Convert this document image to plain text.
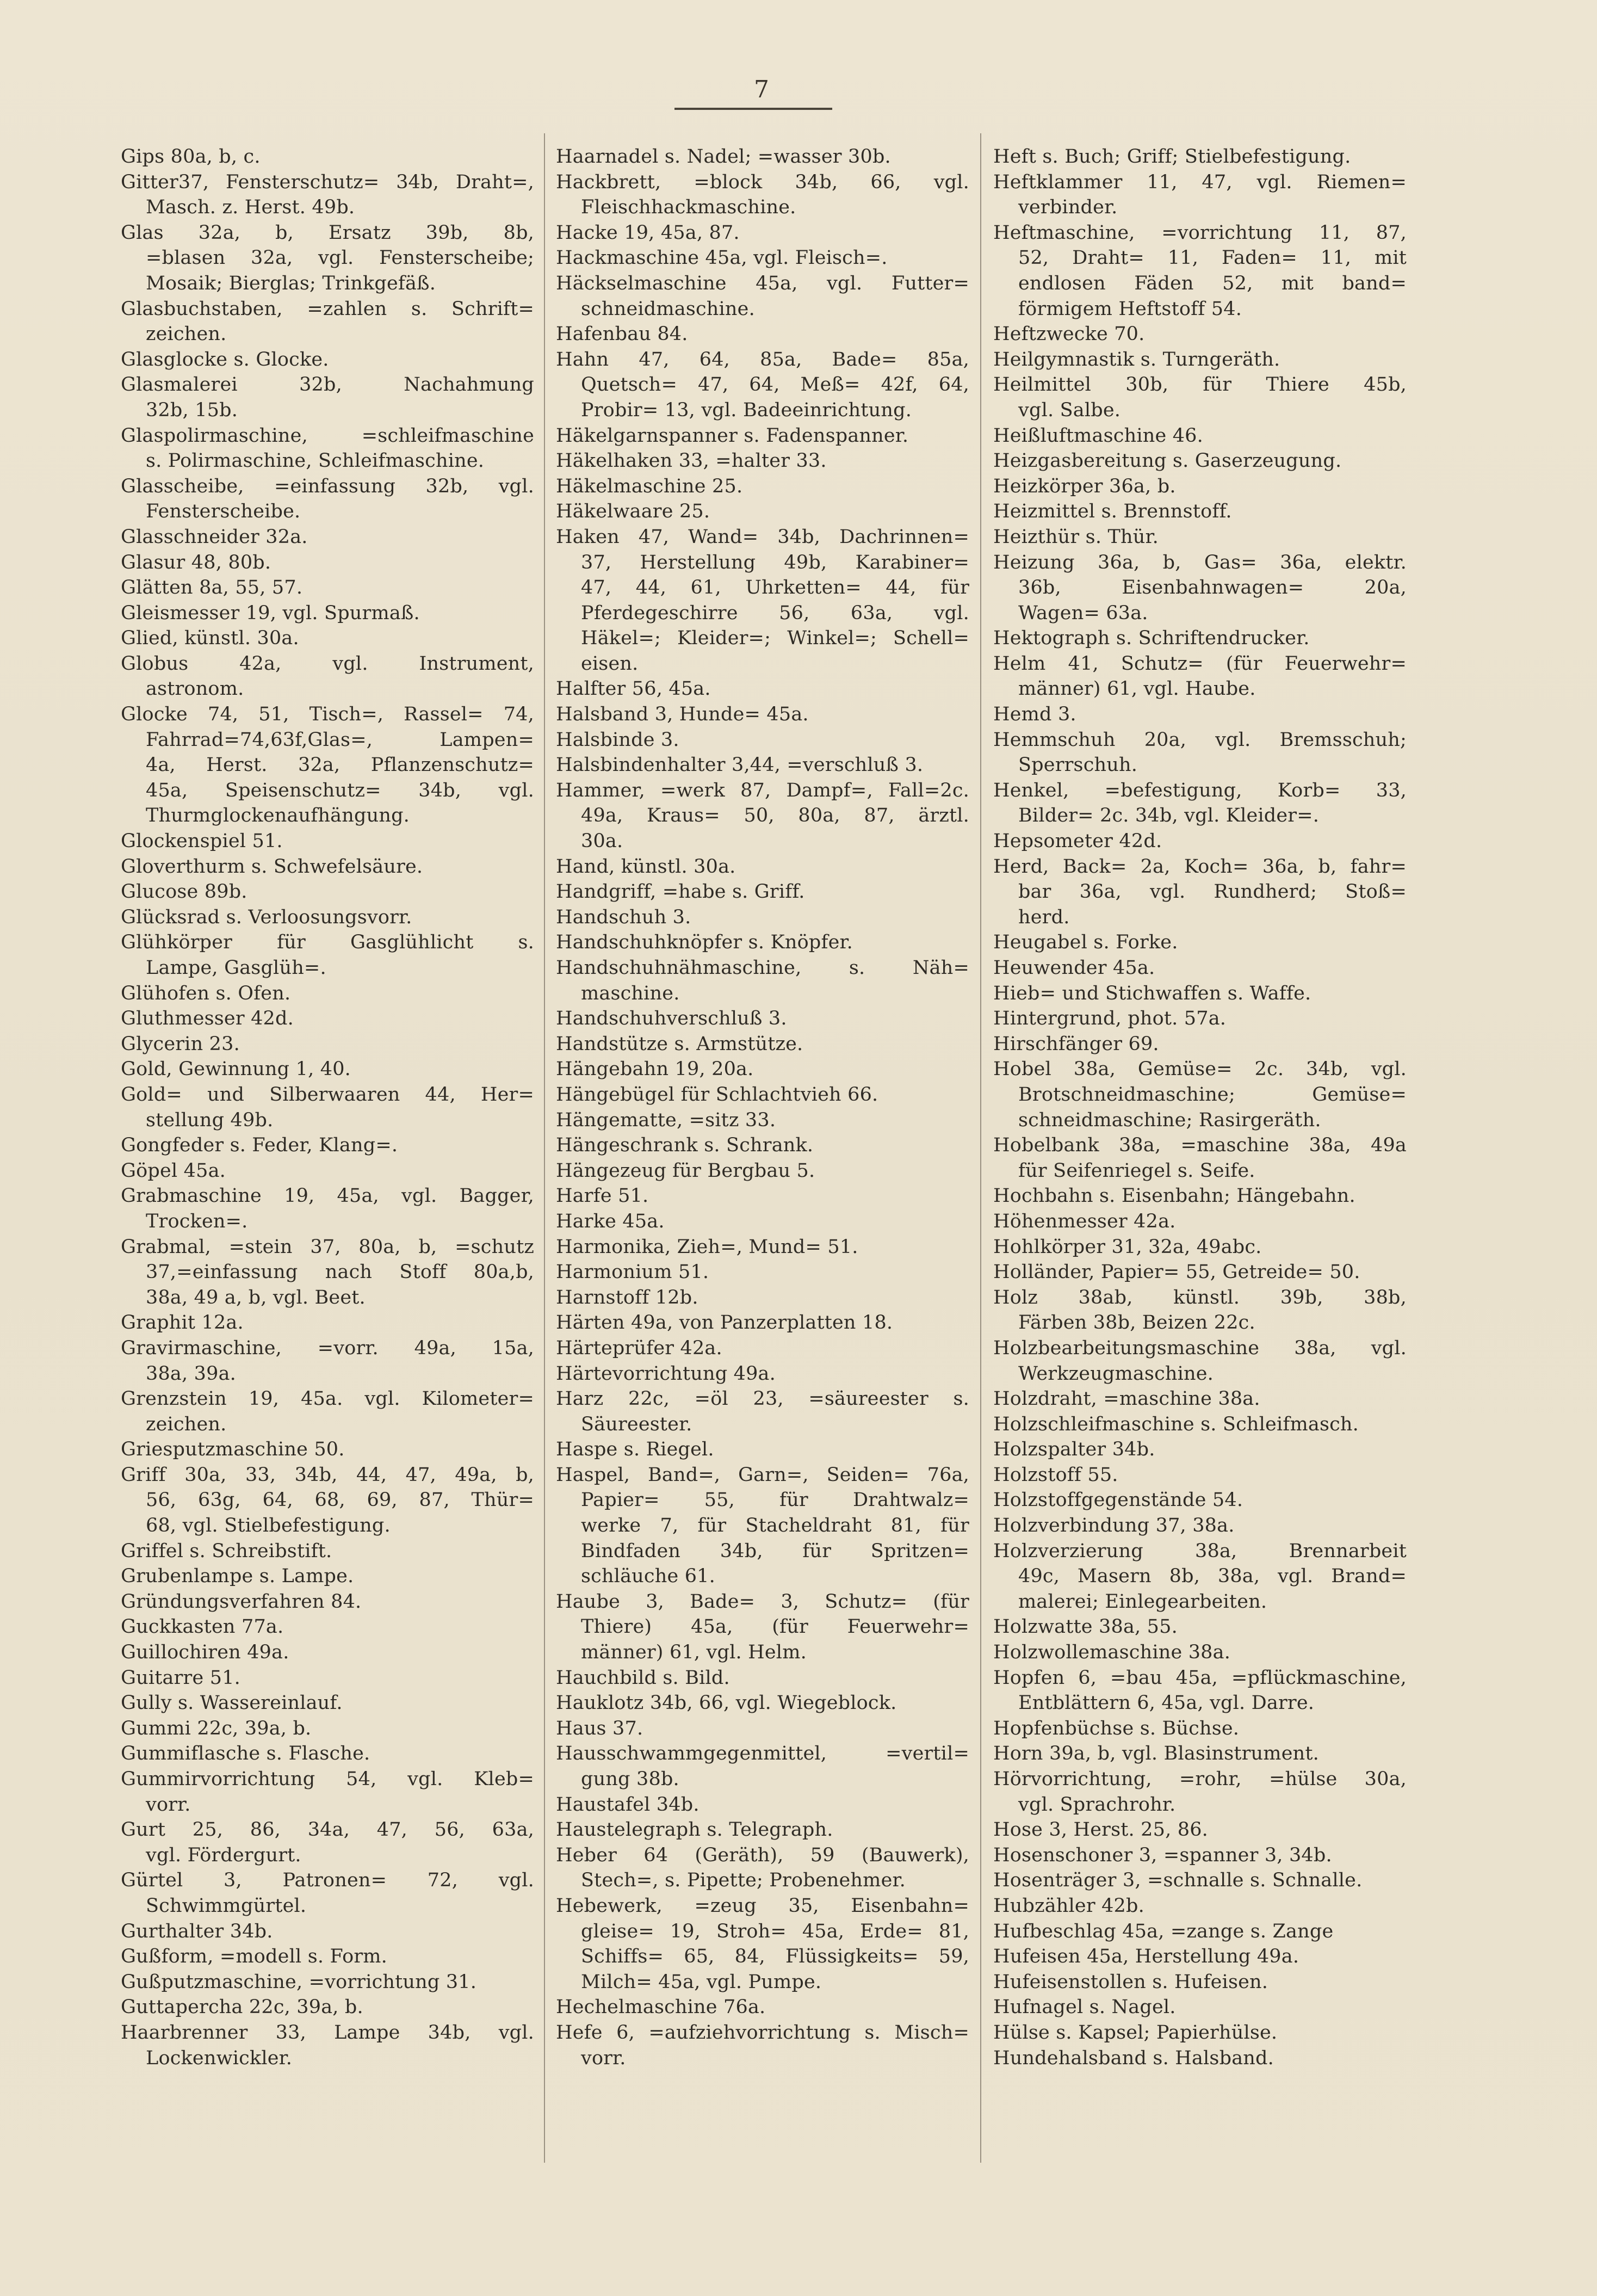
7
Gips 80a, b, c.
Gitter37, Fensterschutz= 34b, Draht=,
Masch. z. Herst. 49b.
Glas 32a, b, Ersatz 39b, 8b,
=blasen 32a, vgl. Fensterscheibe;
Mosaik; Bierglas; Trinkgefäß.
Glasbuchstaben, =zahlen s. Schrift=
zeichen.
Glasglocke s. Glocke.
Glasmalerei 32b, Nachahmung
32b, 15b.
Glaspolirmaschine, =schleifmaschine
s. Polirmaschine, Schleifmaschine.
Glasscheibe, =einfassung 32b, vgl.
Fensterscheibe.
Glasschneider 32a.
Glasur 48, 80b.
Glätten 8a, 55, 57.
Gleismesser 19, vgl. Spurmaß.
Glied, künstl. 30a.
Globus 42a, vgl. Instrument,
astronom.
Glocke 74, 51, Tisch=, Rassel= 74,
Fahrrad=74,63f,Glas=, Lampen=
4a, Herst. 32a, Pflanzenschutz=
45a, Speisenschutz= 34b, vgl.
Thurmglockenaufhängung.
Glockenspiel 51.
Gloverthurm s. Schwefelsäure.
Glucose 89b.
Glücksrad s. Verloosungsvorr.
Glühkörper für Gasglühlicht s.
Lampe, Gasglüh=.
Glühofen s. Ofen.
Gluthmesser 42d.
Glycerin 23.
Gold, Gewinnung 1, 40.
Gold= und Silberwaaren 44, Her=
stellung 49b.
Gongfeder s. Feder, Klang=.
Göpel 45a.
Grabmaschine 19, 45a, vgl. Bagger,
Trocken=.
Grabmal, =stein 37, 80a, b, =schutz
37,=einfassung nach Stoff 80a,b,
38a, 49 a, b, vgl. Beet.
Graphit 12a.
Gravirmaschine, =vorr. 49a, 15a,
38a, 39a.
Grenzstein 19, 45a. vgl. Kilometer=
zeichen.
Griesputzmaschine 50.
Griff 30a, 33, 34b, 44, 47, 49a, b,
56, 63g, 64, 68, 69, 87, Thür=
68, vgl. Stielbefestigung.
Griffel s. Schreibstift.
Grubenlampe s. Lampe.
Gründungsverfahren 84.
Guckkasten 77a.
Guillochiren 49a.
Guitarre 51.
Gully s. Wassereinlauf.
Gummi 22c, 39a, b.
Gummiflasche s. Flasche.
Gummirvorrichtung 54, vgl. Kleb=
vorr.
Gurt 25, 86, 34a, 47, 56, 63a,
vgl. Fördergurt.
Gürtel 3, Patronen= 72, vgl.
Schwimmgürtel.
Gurthalter 34b.
Gußform, =modell s. Form.
Gußputzmaschine, =vorrichtung 31.
Guttapercha 22c, 39a, b.
Haarbrenner 33, Lampe 34b, vgl.
Lockenwickler.
Haarnadel s. Nadel; =wasser 30b.
Hackbrett, =block 34b, 66, vgl.
Fleischhackmaschine.
Hacke 19, 45a, 87.
Hackmaschine 45a, vgl. Fleisch=.
Häckselmaschine 45a, vgl. Futter=
schneidmaschine.
Hafenbau 84.
Hahn 47, 64, 85a, Bade= 85a,
Quetsch= 47, 64, Meß= 42f, 64,
Probir= 13, vgl. Badeeinrichtung.
Häkelgarnspanner s. Fadenspanner.
Häkelhaken 33, =halter 33.
Häkelmaschine 25.
Häkelwaare 25.
Haken 47, Wand= 34b, Dachrinnen=
37, Herstellung 49b, Karabiner=
47, 44, 61, Uhrketten= 44, für
Pferdegeschirre 56, 63a, vgl.
Häkel=; Kleider=; Winkel=; Schell=
eisen.
Halfter 56, 45a.
Halsband 3, Hunde= 45a.
Halsbinde 3.
Halsbindenhalter 3,44, =verschluß 3.
Hammer, =werk 87, Dampf=, Fall=2c.
49a, Kraus= 50, 80a, 87, ärztl.
30a.
Hand, künstl. 30a.
Handgriff, =habe s. Griff.
Handschuh 3.
Handschuhknöpfer s. Knöpfer.
Handschuhnähmaschine, s. Näh=
maschine.
Handschuhverschluß 3.
Handstütze s. Armstütze.
Hängebahn 19, 20a.
Hängebügel für Schlachtvieh 66.
Hängematte, =sitz 33.
Hängeschrank s. Schrank.
Hängezeug für Bergbau 5.
Harfe 51.
Harke 45a.
Harmonika, Zieh=, Mund= 51.
Harmonium 51.
Harnstoff 12b.
Härten 49a, von Panzerplatten 18.
Härteprüfer 42a.
Härtevorrichtung 49a.
Harz 22c, =öl 23, =säureester s.
Säureester.
Haspe s. Riegel.
Haspel, Band=, Garn=, Seiden= 76a,
Papier= 55, für Drahtwalz=
werke 7, für Stacheldraht 81, für
Bindfaden 34b, für Spritzen=
schläuche 61.
Haube 3, Bade= 3, Schutz= (für
Thiere) 45a, (für Feuerwehr=
männer) 61, vgl. Helm.
Hauchbild s. Bild.
Hauklotz 34b, 66, vgl. Wiegeblock.
Haus 37.
Hausschwammgegenmittel, =vertil=
gung 38b.
Haustafel 34b.
Haustelegraph s. Telegraph.
Heber 64 (Geräth), 59 (Bauwerk),
Stech=, s. Pipette; Probenehmer.
Hebewerk, =zeug 35, Eisenbahn=
gleise= 19, Stroh= 45a, Erde= 81,
Schiffs= 65, 84, Flüssigkeits= 59,
Milch= 45a, vgl. Pumpe.
Hechelmaschine 76a.
Hefe 6, =aufziehvorrichtung s. Misch=
vorr.
Heft s. Buch; Griff; Stielbefestigung.
Heftklammer 11, 47, vgl. Riemen=
verbinder.
Heftmaschine, =vorrichtung 11, 87,
52, Draht= 11, Faden= 11, mit
endlosen Fäden 52, mit band=
förmigem Heftstoff 54.
Heftzwecke 70.
Heilgymnastik s. Turngeräth.
Heilmittel 30b, für Thiere 45b,
vgl. Salbe.
Heißluftmaschine 46.
Heizgasbereitung s. Gaserzeugung.
Heizkörper 36a, b.
Heizmittel s. Brennstoff.
Heizthür s. Thür.
Heizung 36a, b, Gas= 36a, elektr.
36b, Eisenbahnwagen= 20a,
Wagen= 63a.
Hektograph s. Schriftendrucker.
Helm 41, Schutz= (für Feuerwehr=
männer) 61, vgl. Haube.
Hemd 3.
Hemmschuh 20a, vgl. Bremsschuh;
Sperrschuh.
Henkel, =befestigung, Korb= 33,
Bilder= 2c. 34b, vgl. Kleider=.
Hepsometer 42d.
Herd, Back= 2a, Koch= 36a, b, fahr=
bar 36a, vgl. Rundherd; Stoß=
herd.
Heugabel s. Forke.
Heuwender 45a.
Hieb= und Stichwaffen s. Waffe.
Hintergrund, phot. 57a.
Hirschfänger 69.
Hobel 38a, Gemüse= 2c. 34b, vgl.
Brotschneidmaschine; Gemüse=
schneidmaschine; Rasirgeräth.
Hobelbank 38a, =maschine 38a, 49a
für Seifenriegel s. Seife.
Hochbahn s. Eisenbahn; Hängebahn.
Höhenmesser 42a.
Hohlkörper 31, 32a, 49abc.
Holländer, Papier= 55, Getreide= 50.
Holz 38ab, künstl. 39b, 38b,
Färben 38b, Beizen 22c.
Holzbearbeitungsmaschine 38a, vgl.
Werkzeugmaschine.
Holzdraht, =maschine 38a.
Holzschleifmaschine s. Schleifmasch.
Holzspalter 34b.
Holzstoff 55.
Holzstoffgegenstände 54.
Holzverbindung 37, 38a.
Holzverzierung 38a, Brennarbeit
49c, Masern 8b, 38a, vgl. Brand=
malerei; Einlegearbeiten.
Holzwatte 38a, 55.
Holzwollemaschine 38a.
Hopfen 6, =bau 45a, =pflückmaschine,
Entblättern 6, 45a, vgl. Darre.
Hopfenbüchse s. Büchse.
Horn 39a, b, vgl. Blasinstrument.
Hörvorrichtung, =rohr, =hülse 30a,
vgl. Sprachrohr.
Hose 3, Herst. 25, 86.
Hosenschoner 3, =spanner 3, 34b.
Hosenträger 3, =schnalle s. Schnalle.
Hubzähler 42b.
Hufbeschlag 45a, =zange s. Zange
Hufeisen 45a, Herstellung 49a.
Hufeisenstollen s. Hufeisen.
Hufnagel s. Nagel.
Hülse s. Kapsel; Papierhülse.
Hundehalsband s. Halsband.
